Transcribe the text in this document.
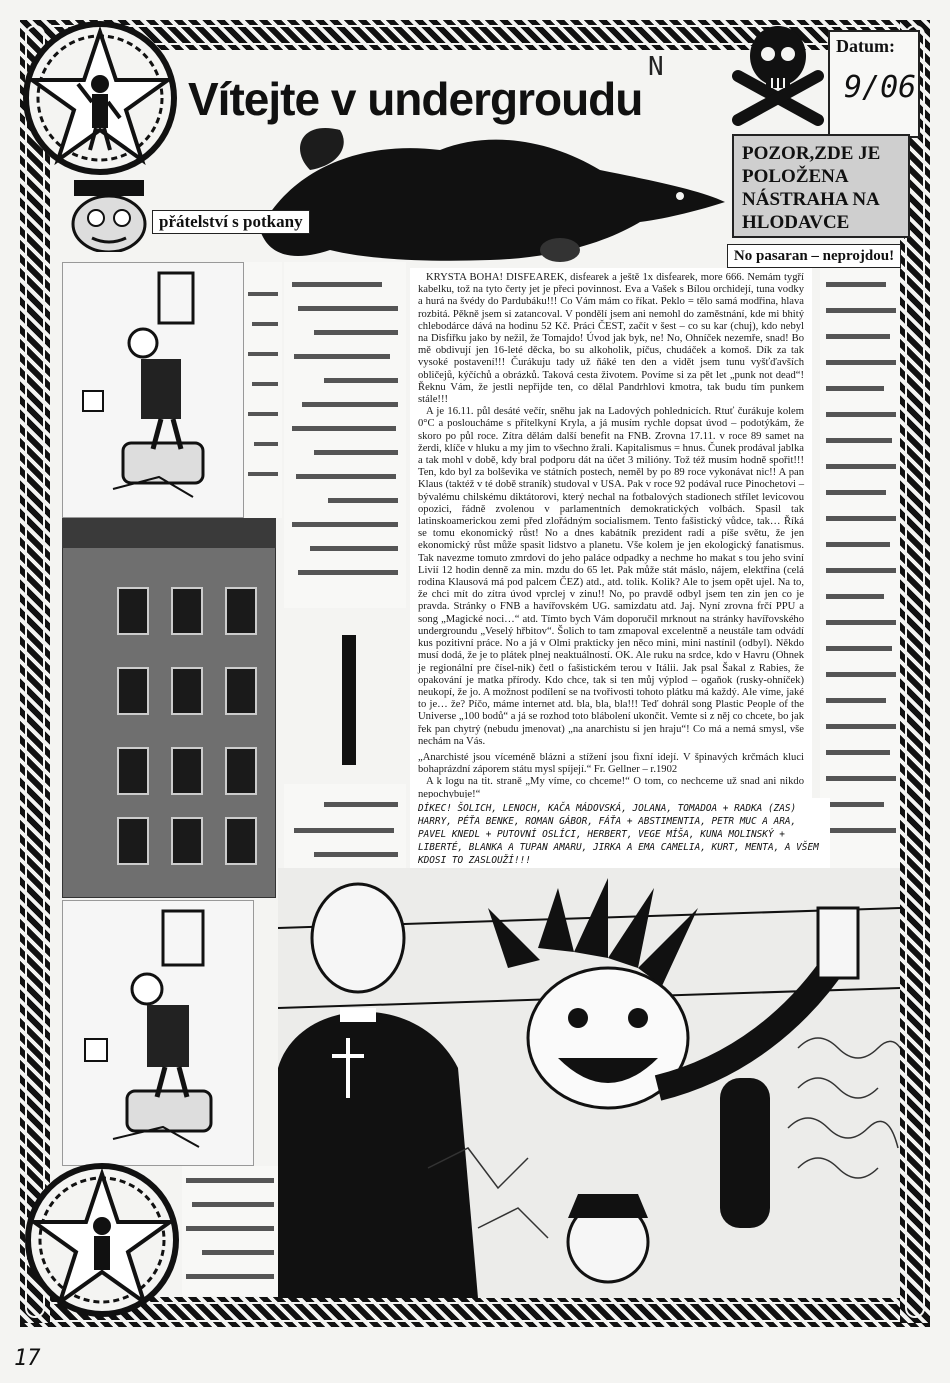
Vítejte v undergroudu
N
Datum:
9/06
přátelství s potkany
POZOR,ZDE JE POLOŽENA NÁSTRAHA NA HLODAVCE
No pasaran – neprojdou!

KRYSTA BOHA! DISFEAREK, disfearek a ještě 1x disfearek, more 666. Nemám tygří kabelku, tož na tyto čerty jet je přeci povinnost. Eva a Vašek s Bílou orchidejí, tuna vodky a hurá na švédy do Pardubáku!!! Co Vám mám co říkat. Peklo = tělo samá modřina, hlava rozbitá. Pěkně jsem si zatancoval. V pondělí jsem ani nemohl do zaměstnání, kde mi bhitý chlebodárce dává na hodinu 52 Kč. Práci ČEST, začít v šest – co su kar (chuj), kdo nebyl na Disfiřku jako by nežil, že Tomajdo! Úvod jak byk, ne! No, Ohníček nezemře, snad! Bo mě obdivují jen 16-leté děcka, bo su alkoholik, píčus, chudáček a komoš. Dík za tak vysoké postavení!!! Čurákuju tady už ňáké ten den a vidět jsem tunu vyšťďavších obličejů, kýčíchů a obrázků. Taková cesta životem. Povíme si za pět let „punk not dead“! Řeknu Vám, že jestli nepřijde ten, co dělal Pandrhlovi kmotra, tak budu tím punkem stále!!!

A je 16.11. půl desáté večír, sněhu jak na Ladových pohlednicích. Rtuť čurákuje kolem 0°C a posloucháme s přítelkyní Kryla, a já musím rychle dopsat úvod – podotýkám, že skoro po půl roce. Zítra dělám další benefit na FNB. Zrovna 17.11. v roce 89 samet na žerdi, klíče v hluku a my jim to všechno žrali. Kapitalismus = hnus. Čunek prodával jablka a tak mohl v době, kdy bral podporu dát na účet 3 milióny. Tož též musím hodně spořit!!! Ten, kdo byl za bolševika ve státních postech, neměl by po 89 roce vykonávat nic!! A pan Klaus (taktéž v té době straník) studoval v USA. Pak v roce 92 podával ruce Pinochetovi – bývalému chilskému diktátorovi, který nechal na fotbalových stadionech střílet levicovou opozici, řádně zvolenou v parlamentních demokratických volbách. Spasil tak latinskoamerickou zemi před zlořádným socialismem. Tento fašistický vůdce, tak… Říká se tomu ekonomický růst! No a dnes kabátník prezident radí a píše světu, že jen ekonomický růst může spasit lidstvo a planetu. Vše kolem je jen ekologický fanatismus. Tak navezme tomuto zmrdovi do jeho paláce odpadky a nechme ho makat s tou jeho sviní Livií 12 hodin denně za min. mzdu do 65 let. Pak může stát máslo, nájem, elektřina (celá rodina Klausová má pod palcem ČEZ) atd., atd. tolik. Kolik? Ale to jsem opět ujel. Na to, že chci mít do zítra úvod vprclej v zinu!! No, po pravdě odbyl jsem ten zin jen co je pravda. Stránky o FNB a havířovském UG. samizdatu atd. Jaj. Nyní zrovna frčí PPU a song „Magické noci…“ atd. Tímto bych Vám doporučil mrknout na stránky havířovského undergroundu „Veselý hřbitov“. Šolich to tam zmapoval excelentně a neustále tam odvádí kus pozitivní práce. No a já v Olmi prakticky jen něco mini, mini nastínil (odbyl). Někdo musí dodá, že je to plátek plnej neaktuálností. OK. Ale ruku na srdce, kdo v Havru (Ohnek je regionální pre čísel-nik) četl o fašistickém terou v Itálii. Jak psal Šakal z Rabies, že opakování je matka přírody. Kdo chce, tak si ten můj výplod – ogaňok (rusky-ohníček) neukopí, že jo. A možnost podílení se na tvořivosti tohoto plátku má každý. Ale víme, jaké to je… že? Píčo, máme internet atd. bla, bla, bla!!! Teď dohrál song Plastic People of the Universe „100 bodů“ a já se rozhod toto blábolení ukončit. Vemte si z něj co chcete, bo jak řek pan chytrý (nebudu jmenovat) „na anarchistu si jen hraju“! Co má a nemá smysl, vše nechám na Vás.

„Anarchisté jsou víceméně blázni a stížení jsou fixní idejí. V špinavých krčmách kluci bohaprázdní záporem státu mysl spíjejí.“ Fr. Gellner – r.1902

A k logu na tit. straně „My víme, co chceme!“ O tom, co nechceme už snad ani nikdo nepochybuje!“

DÍKEC! ŠOLICH, LENOCH, KAČA MÁDOVSKÁ, JOLANA, TOMADOA + RADKA (ZAS) HARRY, PÉŤA BENKE, ROMAN GÁBOR, FÁŤA + ABSTIMENTIA, PETR MUC A ARA, PAVEL KNEDL + PUTOVNÍ OSLÍCI, HERBERT, VEGE MÍŠA, KUNA MOLINSKÝ + LIBERTÉ, BLANKA A TUPAN AMARU, JIRKA A EMA CAMELIA, KURT, MENTA, A VŠEM KDOSI TO ZASLOUŽÍ!!!
17
